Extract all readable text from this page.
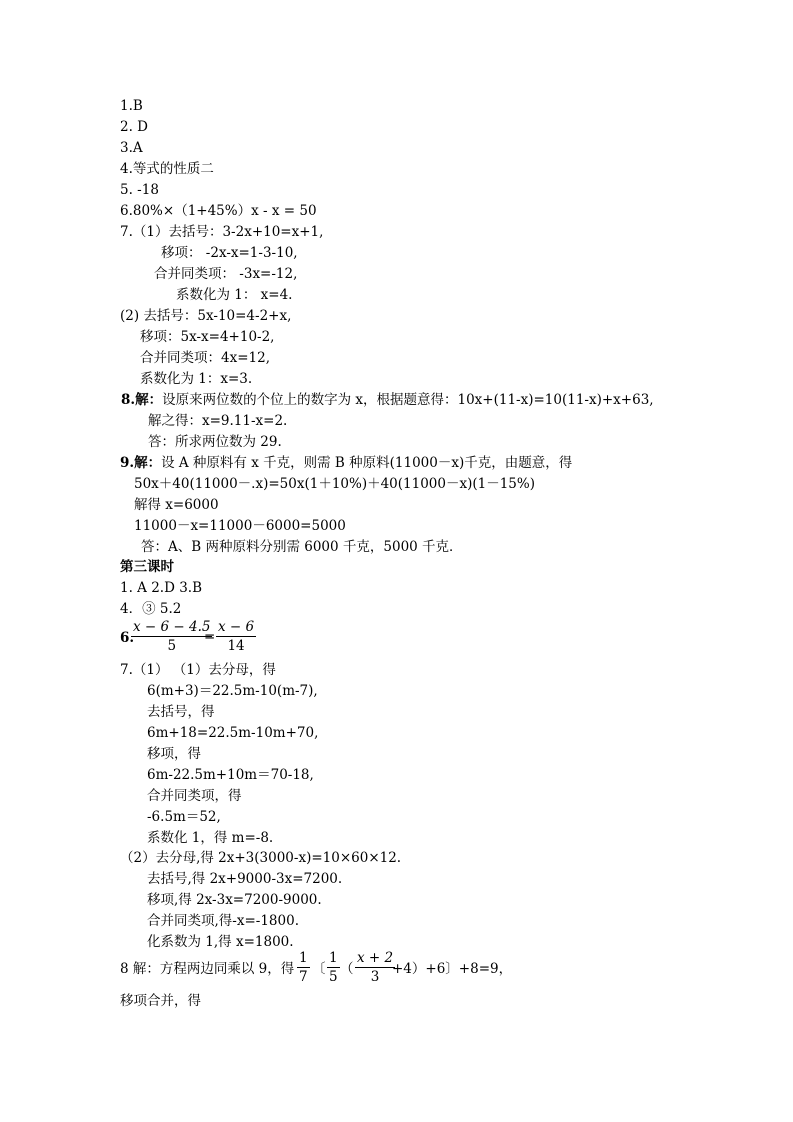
1.B
2. D
3.A
4.等式的性质二
5. -18
6.80%×（1+45%）x - x = 50
7.（1）去括号：3-2x+10=x+1,
移项： -2x-x=1-3-10,
合并同类项： -3x=-12,
系数化为 1： x=4.
(2) 去括号：5x-10=4-2+x,
移项：5x-x=4+10-2,
合并同类项：4x=12,
系数化为 1：x=3.
8.解：设原来两位数的个位上的数字为 x，根据题意得：10x+(11-x)=10(11-x)+x+63,
解之得：x=9.11-x=2.
答：所求两位数为 29.
9.解：设 A 种原料有 x 千克，则需 B 种原料(11000－x)千克，由题意，得
50x＋40(11000－.x)=50x(1＋10%)＋40(11000－x)(1－15%)
解得 x=6000
11000－x=11000－6000=5000
答：A、B 两种原料分别需 6000 千克，5000 千克．
第三课时
1. A 2.D 3.B
4．③ 5.2
6.
$\frac{x - 6 - 4.5}{5}$
= $\frac{x - 6}{14}$
7.（1） （1）去分母，得
6(m+3)＝22.5m-10(m-7),
去括号，得
6m+18=22.5m-10m+70,
移项，得
6m-22.5m+10m＝70-18,
合并同类项，得
-6.5m＝52,
系数化 1，得 m=-8.
（2）去分母,得 2x+3(3000-x)=10×60×12.
去括号,得 2x+9000-3x=7200.
移项,得 2x-3x=7200-9000.
合并同类项,得-x=-1800.
化系数为 1,得 x=1800.
8 解：方程两边同乘以 9，得 $\frac{1}{7}$ 〔 $\frac{1}{5}$ （ $\frac{x + 2}{3}$
+4）+6〕+8=9，
移项合并，得
